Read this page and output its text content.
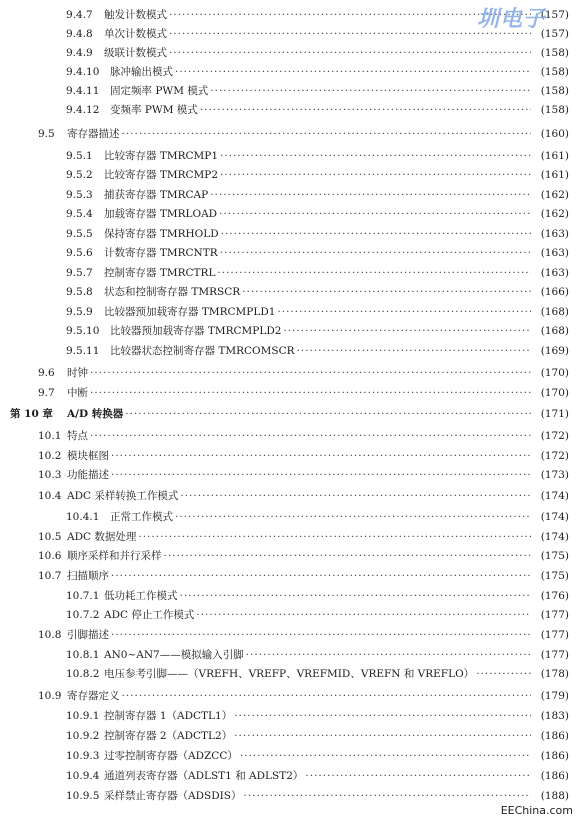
9.4.7 触发计数模式 ·····	(157)
9.4.8 单次计数模式 ·····	(157)
9.4.9 级联计数模式 ·····	(158)
9.4.10 脉冲输出模式 ·····	(158)
9.4.11 固定频率 PWM 模式 ·····	(158)
9.4.12 变频率 PWM 模式 ·····	(158)
9.5 寄存器描述 ·····	(160)
9.5.1 比较寄存器 TMRCMP1 ·····	(161)
9.5.2 比较寄存器 TMRCMP2 ·····	(161)
9.5.3 捕获寄存器 TMRCAP ·····	(162)
9.5.4 加载寄存器 TMRLOAD ·····	(162)
9.5.5 保持寄存器 TMRHOLD ·····	(163)
9.5.6 计数寄存器 TMRCNTR ·····	(163)
9.5.7 控制寄存器 TMRCTRL ·····	(163)
9.5.8 状态和控制寄存器 TMRSCR ·····	(166)
9.5.9 比较器预加载寄存器 TMRCMPLD1 ·····	(168)
9.5.10 比较器预加载寄存器 TMRCMPLD2 ·····	(168)
9.5.11 比较器状态控制寄存器 TMRCOMSCR ·····	(169)
9.6 时钟 ·····	(170)
9.7 中断 ·····	(170)
第 10 章 A/D 转换器 ·····	(171)
10.1 特点 ·····	(172)
10.2 模块框图 ·····	(172)
10.3 功能描述 ·····	(173)
10.4 ADC 采样转换工作模式 ·····	(174)
10.4.1 正常工作模式 ·····	(174)
10.5 ADC 数据处理 ·····	(174)
10.6 顺序采样和并行采样 ·····	(175)
10.7 扫描顺序 ·····	(175)
10.7.1 低功耗工作模式 ·····	(176)
10.7.2 ADC 停止工作模式 ·····	(177)
10.8 引脚描述 ·····	(177)
10.8.1 AN0~AN7——模拟输入引脚 ·····	(177)
10.8.2 电压参考引脚——（VREFH、VREFP、VREFMID、VREFN 和 VREFLO） ·····	(178)
10.9 寄存器定义 ·····	(179)
10.9.1 控制寄存器 1（ADCTL1） ·····	(183)
10.9.2 控制寄存器 2（ADCTL2） ·····	(186)
10.9.3 过零控制寄存器（ADZCC） ·····	(186)
10.9.4 通道列表寄存器（ADLST1 和 ADLST2） ·····	(186)
10.9.5 采样禁止寄存器（ADSDIS） ·····	(188)
圳电子
EEChina.com
